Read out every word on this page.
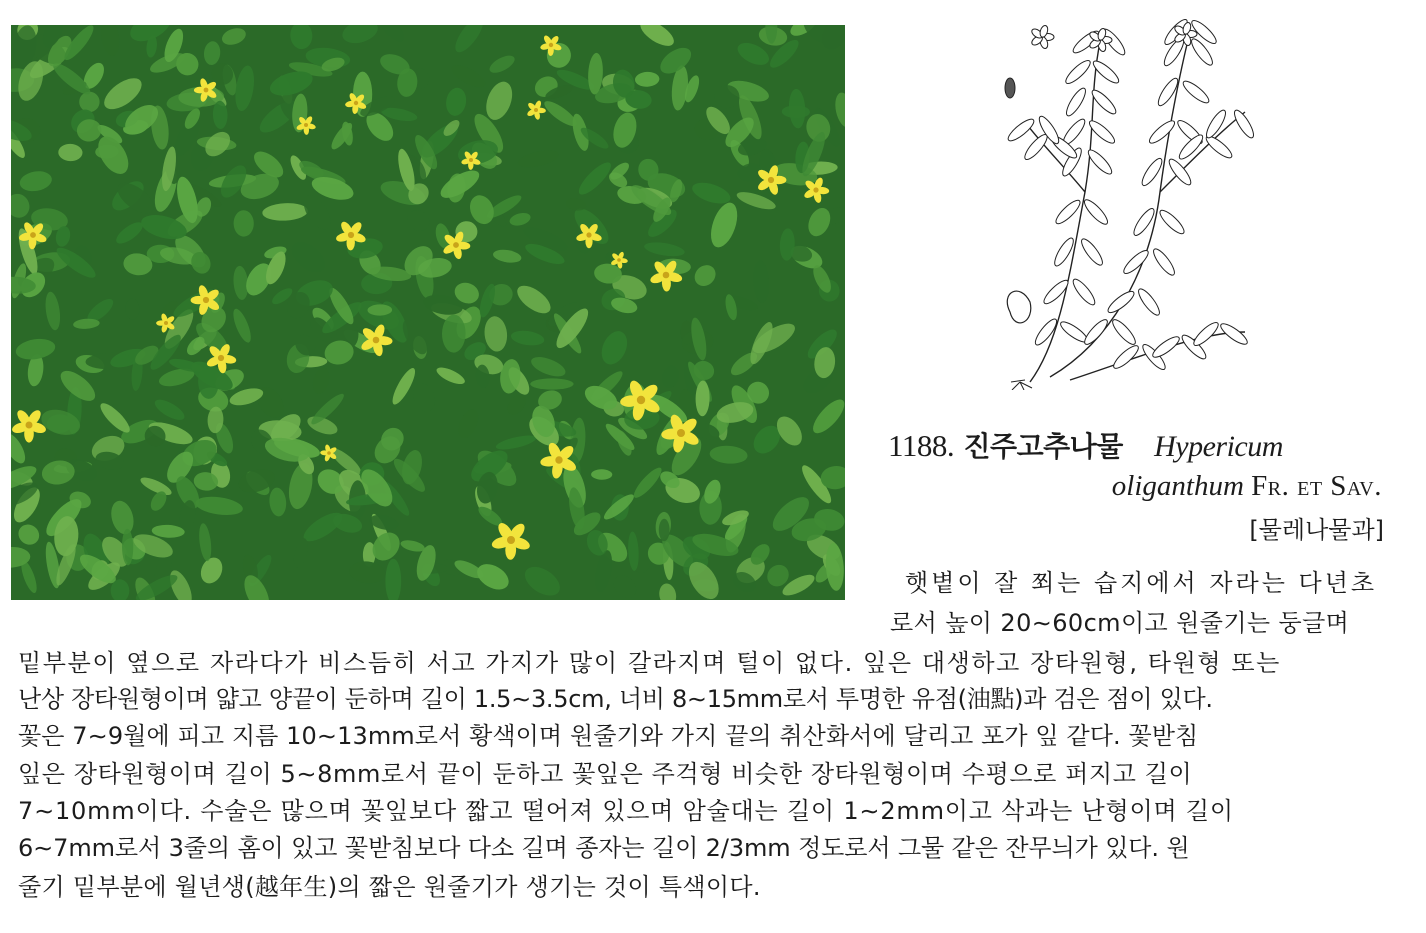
1188. 진주고추나물 Hypericum
oliganthum Fr. et Sav.
[물레나물과]
햇볕이 잘 쬐는 습지에서 자라는 다년초
로서 높이 20∼60cm이고 원줄기는 둥글며
밑부분이 옆으로 자라다가 비스듬히 서고 가지가 많이 갈라지며 털이 없다. 잎은 대생하고 장타원형, 타원형 또는
난상 장타원형이며 얇고 양끝이 둔하며 길이 1.5∼3.5cm, 너비 8∼15mm로서 투명한 유점(油點)과 검은 점이 있다.
꽃은 7∼9월에 피고 지름 10∼13mm로서 황색이며 원줄기와 가지 끝의 취산화서에 달리고 포가 잎 같다. 꽃받침
잎은 장타원형이며 길이 5∼8mm로서 끝이 둔하고 꽃잎은 주걱형 비슷한 장타원형이며 수평으로 퍼지고 길이
7∼10mm이다. 수술은 많으며 꽃잎보다 짧고 떨어져 있으며 암술대는 길이 1∼2mm이고 삭과는 난형이며 길이
6∼7mm로서 3줄의 홈이 있고 꽃받침보다 다소 길며 종자는 길이 2/3mm 정도로서 그물 같은 잔무늬가 있다. 원
줄기 밑부분에 월년생(越年生)의 짧은 원줄기가 생기는 것이 특색이다.
